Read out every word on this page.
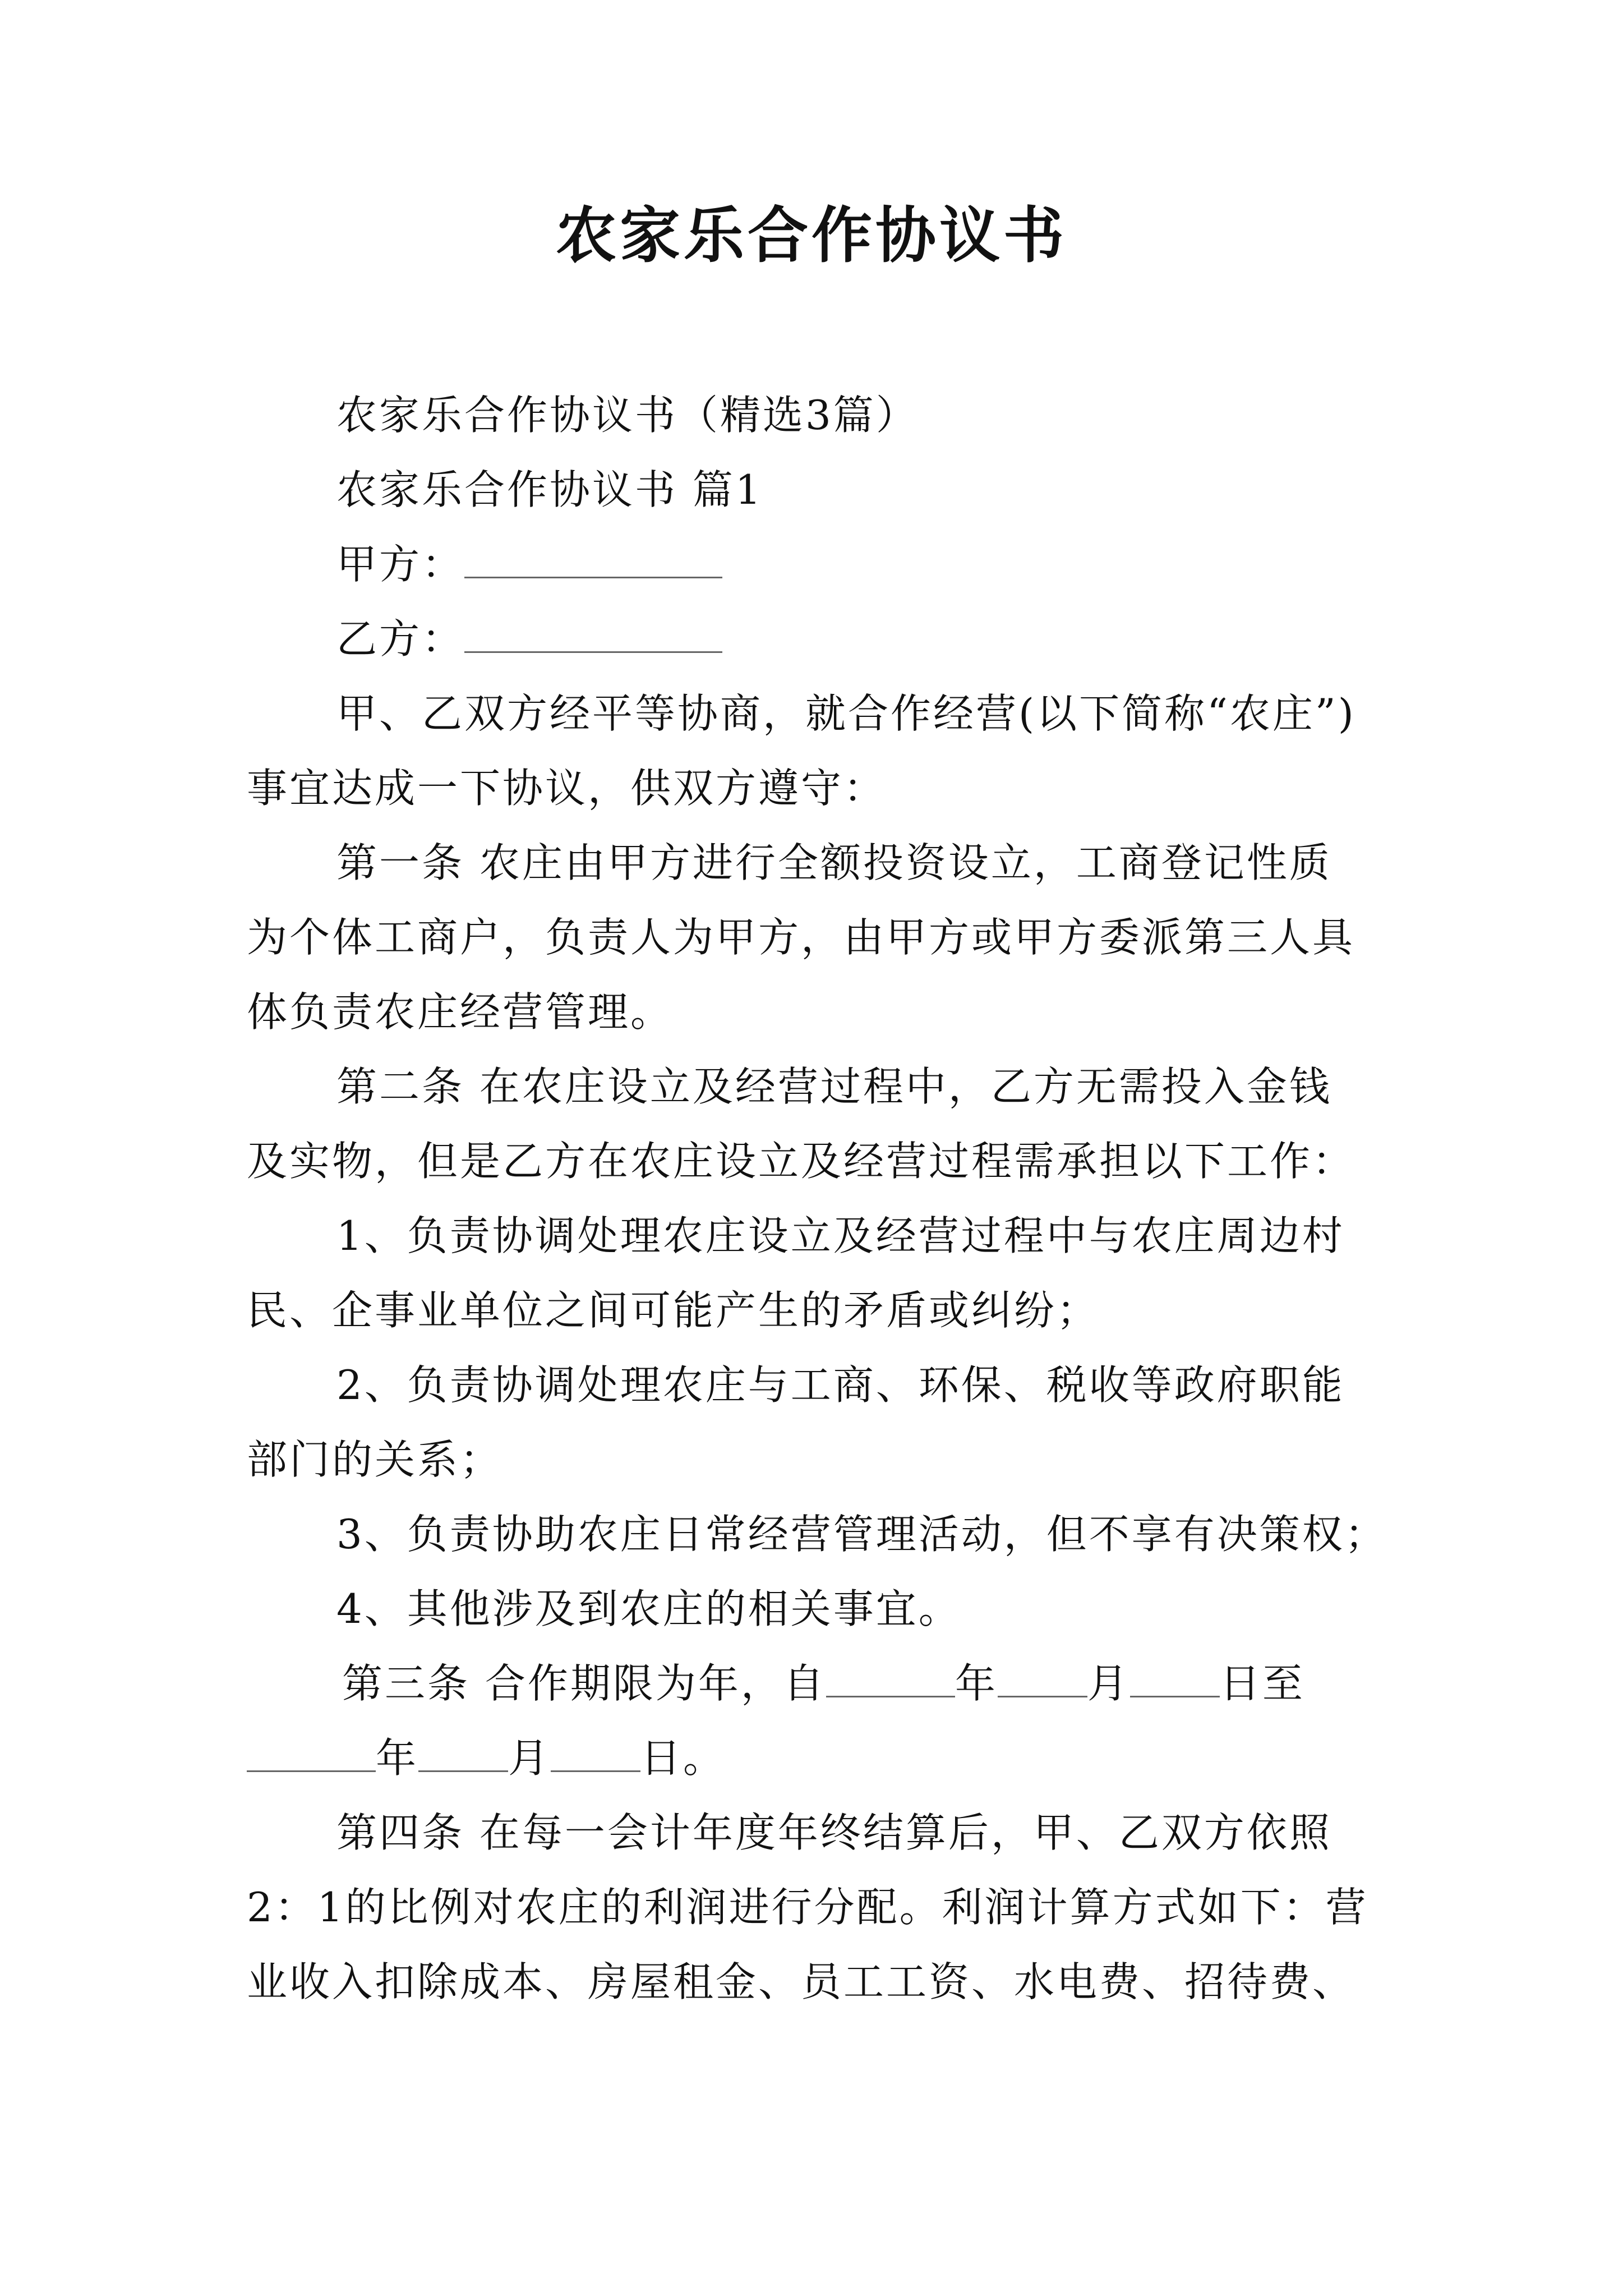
农家乐合作协议书
农家乐合作协议书（精选3篇）
农家乐合作协议书 篇1
甲方：
乙方：
甲、乙双方经平等协商，就合作经营(以下简称“农庄”)
事宜达成一下协议，供双方遵守：
第一条 农庄由甲方进行全额投资设立，工商登记性质
为个体工商户，负责人为甲方，由甲方或甲方委派第三人具
体负责农庄经营管理。
第二条 在农庄设立及经营过程中，乙方无需投入金钱
及实物，但是乙方在农庄设立及经营过程需承担以下工作：
1、负责协调处理农庄设立及经营过程中与农庄周边村
民、企事业单位之间可能产生的矛盾或纠纷；
2、负责协调处理农庄与工商、环保、税收等政府职能
部门的关系；
3、负责协助农庄日常经营管理活动，但不享有决策权；
4、其他涉及到农庄的相关事宜。
第三条 合作期限为年，自	年 月 日至
年 月 日。
第四条 在每一会计年度年终结算后，甲、乙双方依照
2：1的比例对农庄的利润进行分配。利润计算方式如下：营
业收入扣除成本、房屋租金、员工工资、水电费、招待费、
